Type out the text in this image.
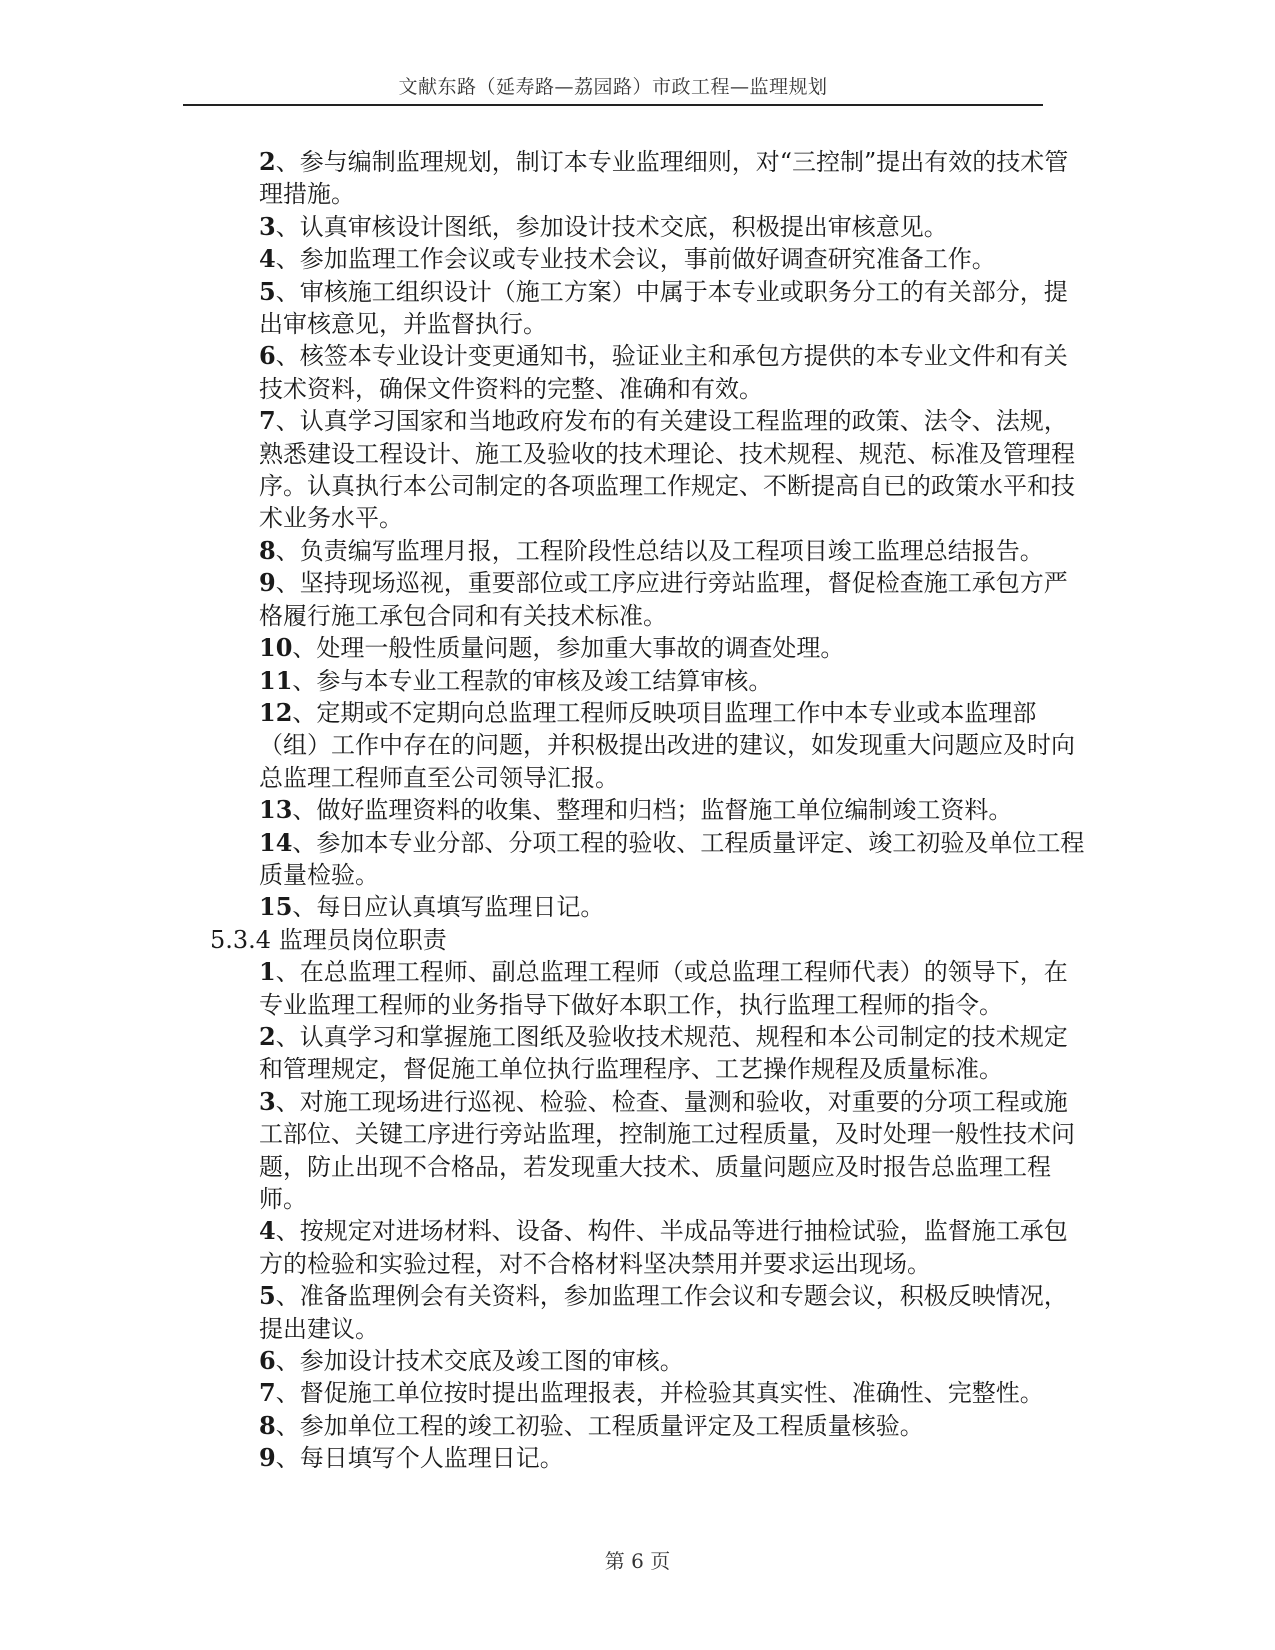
文献东路（延寿路—荔园路）市政工程—监理规划
2、参与编制监理规划，制订本专业监理细则，对“三控制”提出有效的技术管理措施。
3、认真审核设计图纸，参加设计技术交底，积极提出审核意见。
4、参加监理工作会议或专业技术会议，事前做好调查研究准备工作。
5、审核施工组织设计（施工方案）中属于本专业或职务分工的有关部分，提出审核意见，并监督执行。
6、核签本专业设计变更通知书，验证业主和承包方提供的本专业文件和有关技术资料，确保文件资料的完整、准确和有效。
7、认真学习国家和当地政府发布的有关建设工程监理的政策、法令、法规，熟悉建设工程设计、施工及验收的技术理论、技术规程、规范、标准及管理程序。认真执行本公司制定的各项监理工作规定、不断提高自已的政策水平和技术业务水平。
8、负责编写监理月报，工程阶段性总结以及工程项目竣工监理总结报告。
9、坚持现场巡视，重要部位或工序应进行旁站监理，督促检查施工承包方严格履行施工承包合同和有关技术标准。
10、处理一般性质量问题，参加重大事故的调查处理。
11、参与本专业工程款的审核及竣工结算审核。
12、定期或不定期向总监理工程师反映项目监理工作中本专业或本监理部（组）工作中存在的问题，并积极提出改进的建议，如发现重大问题应及时向总监理工程师直至公司领导汇报。
13、做好监理资料的收集、整理和归档；监督施工单位编制竣工资料。
14、参加本专业分部、分项工程的验收、工程质量评定、竣工初验及单位工程质量检验。
15、每日应认真填写监理日记。
5.3.4 监理员岗位职责
1、在总监理工程师、副总监理工程师（或总监理工程师代表）的领导下，在专业监理工程师的业务指导下做好本职工作，执行监理工程师的指令。
2、认真学习和掌握施工图纸及验收技术规范、规程和本公司制定的技术规定和管理规定，督促施工单位执行监理程序、工艺操作规程及质量标准。
3、对施工现场进行巡视、检验、检查、量测和验收，对重要的分项工程或施工部位、关键工序进行旁站监理，控制施工过程质量，及时处理一般性技术问题，防止出现不合格品，若发现重大技术、质量问题应及时报告总监理工程师。
4、按规定对进场材料、设备、构件、半成品等进行抽检试验，监督施工承包方的检验和实验过程，对不合格材料坚决禁用并要求运出现场。
5、准备监理例会有关资料，参加监理工作会议和专题会议，积极反映情况，提出建议。
6、参加设计技术交底及竣工图的审核。
7、督促施工单位按时提出监理报表，并检验其真实性、准确性、完整性。
8、参加单位工程的竣工初验、工程质量评定及工程质量核验。
9、每日填写个人监理日记。
第 6 页
